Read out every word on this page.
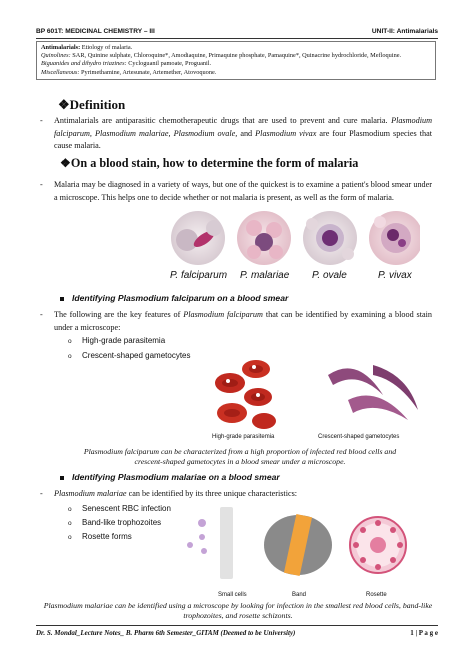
BP 601T: MEDICINAL CHEMISTRY – III	UNIT-II: Antimalarials
Antimalarials: Etiology of malaria.
Quinolines: SAR, Quinine sulphate, Chloroquine*, Amodiaquine, Primaquine phosphate, Pamaquine*, Quinacrine hydrochloride, Mefloquine.
Biguanides and dihydro triazines: Cycloguanil pamoate, Proguanil.
Miscellaneous: Pyrimethamine, Artesunate, Artemether, Atovoquone.
❖Definition
-	Antimalarials are antiparasitic chemotherapeutic drugs that are used to prevent and cure malaria. Plasmodium falciparum, Plasmodium malariae, Plasmodium ovale, and Plasmodium vivax are four Plasmodium species that cause malaria.
❖On a blood stain, how to determine the form of malaria
-	Malaria may be diagnosed in a variety of ways, but one of the quickest is to examine a patient's blood smear under a microscope. This helps one to decide whether or not malaria is present, as well as the form of malaria.
P. falciparum P. malariae P. ovale	P. vivax
Identifying Plasmodium falciparum on a blood smear
-	The following are the key features of Plasmodium falciparum that can be identified by examining a blood stain under a microscope:
o High-grade parasitemia
o Crescent-shaped gametocytes
High-grade parasitemia	Crescent-shaped gametocytes
Plasmodium falciparum can be characterized from a high proportion of infected red blood cells and crescent-shaped gametocytes in a blood smear under a microscope.
Identifying Plasmodium malariae on a blood smear
-	Plasmodium malariae can be identified by its three unique characteristics:
o Senescent RBC infection
o Band-like trophozoites
o Rosette forms
Small cells	Band	Rosette
Plasmodium malariae can be identified using a microscope by looking for infection in the smallest red blood cells, band-like trophozoites, and rosette schizonts.
Dr. S. Mondal_Lecture Notes_ B. Pharm 6th Semester_GITAM (Deemed to be University)	1 | P a g e
